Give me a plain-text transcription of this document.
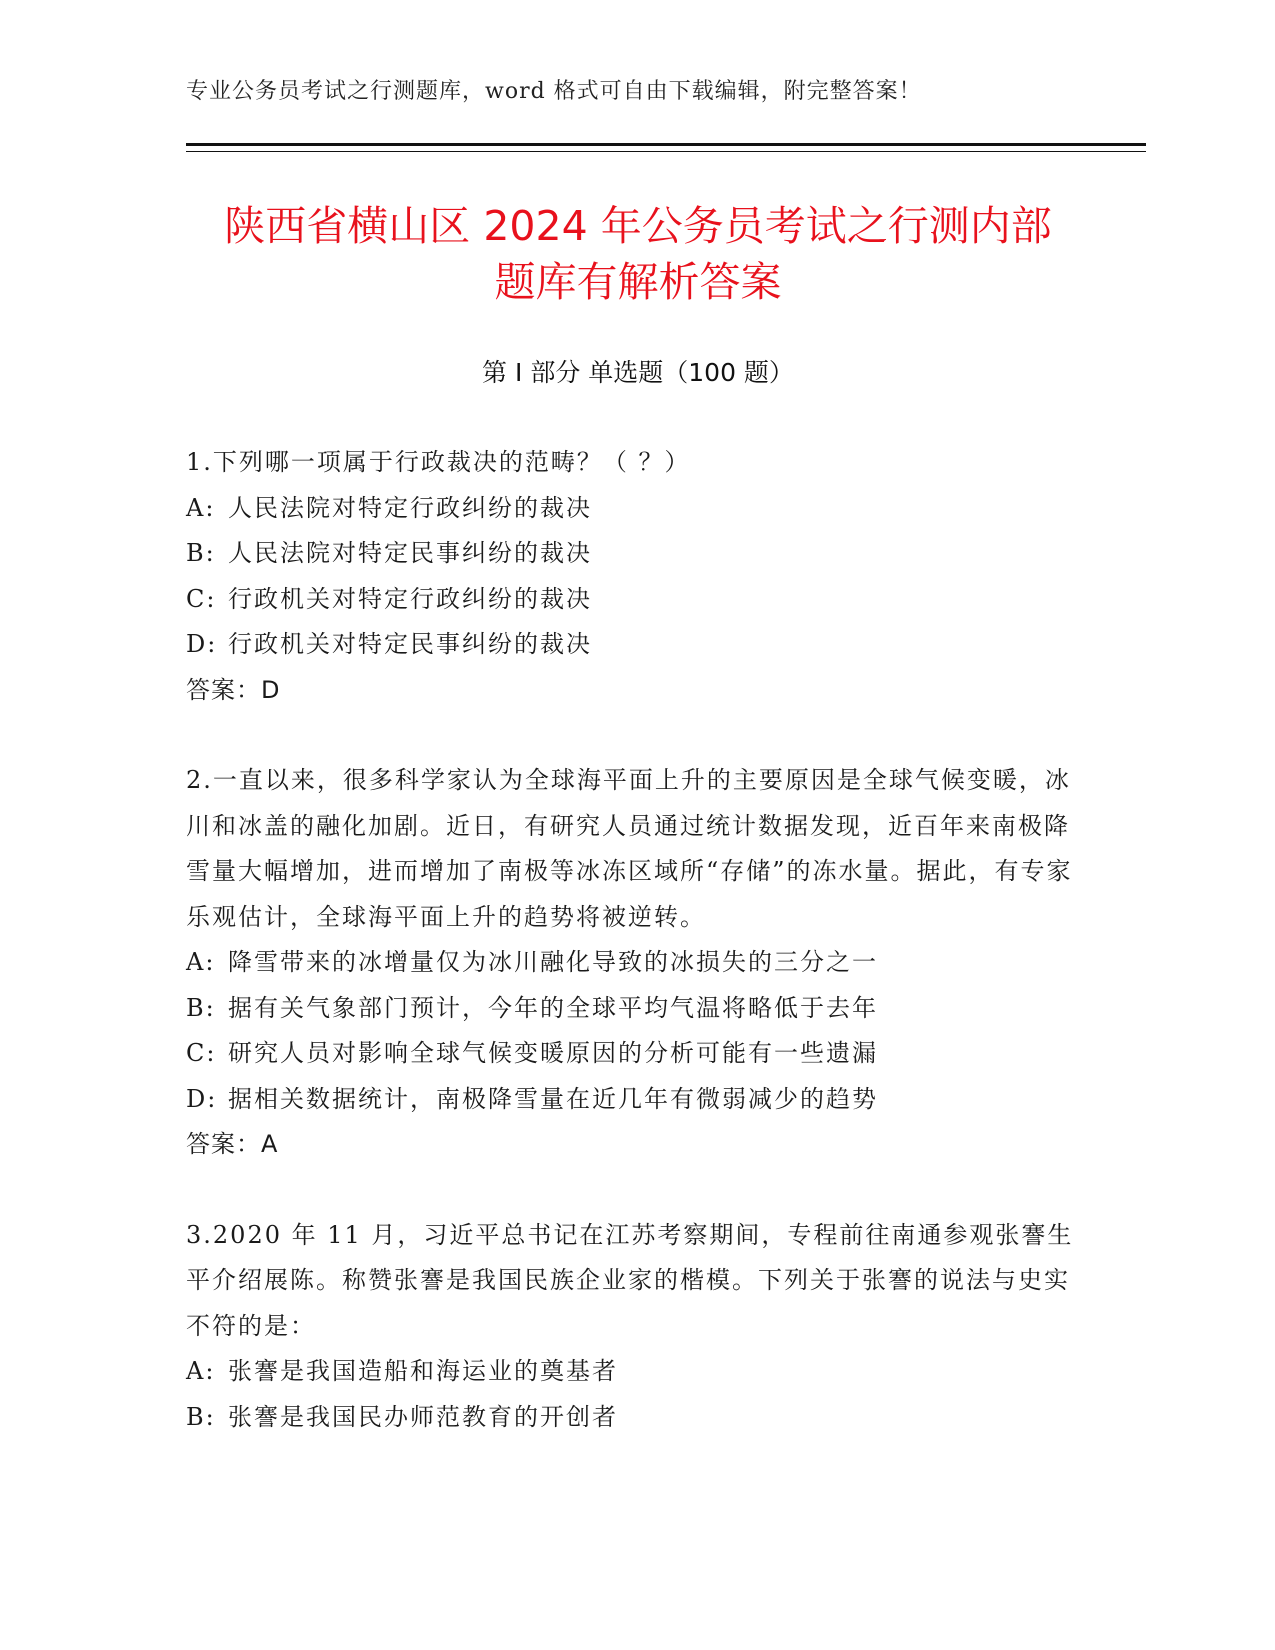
专业公务员考试之行测题库，word 格式可自由下载编辑，附完整答案！
陕西省横山区 2024 年公务员考试之行测内部
题库有解析答案
第 I 部分 单选题（100 题）

1.下列哪一项属于行政裁决的范畴？（ ？）

A: 人民法院对特定行政纠纷的裁决

B: 人民法院对特定民事纠纷的裁决

C: 行政机关对特定行政纠纷的裁决

D: 行政机关对特定民事纠纷的裁决

答案：D

2.一直以来，很多科学家认为全球海平面上升的主要原因是全球气候变暖，冰川和冰盖的融化加剧。近日，有研究人员通过统计数据发现，近百年来南极降雪量大幅增加，进而增加了南极等冰冻区域所“存储”的冻水量。据此，有专家乐观估计，全球海平面上升的趋势将被逆转。

A: 降雪带来的冰增量仅为冰川融化导致的冰损失的三分之一

B: 据有关气象部门预计，今年的全球平均气温将略低于去年

C: 研究人员对影响全球气候变暖原因的分析可能有一些遗漏

D: 据相关数据统计，南极降雪量在近几年有微弱减少的趋势

答案：A

3.2020 年 11 月，习近平总书记在江苏考察期间，专程前往南通参观张謇生平介绍展陈。称赞张謇是我国民族企业家的楷模。下列关于张謇的说法与史实不符的是：

A: 张謇是我国造船和海运业的奠基者

B: 张謇是我国民办师范教育的开创者
